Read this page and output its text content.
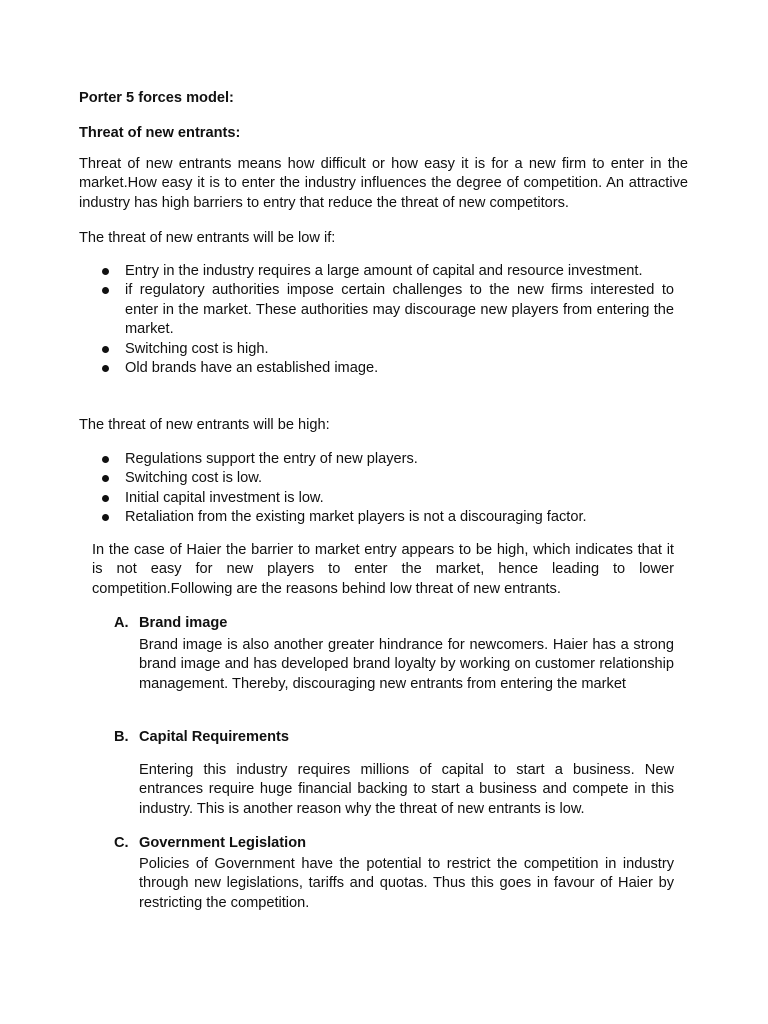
Porter 5 forces model:
Threat of new entrants:

Threat of new entrants means how difficult or how easy it is for a new firm to enter in the market.How easy it is to enter the industry influences the degree of competition. An attractive industry has high barriers to entry that reduce the threat of new competitors.

The threat of new entrants will be low if:
Entry in the industry requires a large amount of capital and resource investment.
if regulatory authorities impose certain challenges to the new firms interested to enter in the market. These authorities may discourage new players from entering the market.
Switching cost is high.
Old brands have an established image.
The threat of new entrants will be high:
Regulations support the entry of new players.
Switching cost is low.
Initial capital investment is low.
Retaliation from the existing market players is not a discouraging factor.

In the case of Haier the barrier to market entry appears to be high, which indicates that it is not easy for new players to enter the market, hence leading to lower competition.Following are the reasons behind low threat of new entrants.

A. Brand image

Brand image is also another greater hindrance for newcomers. Haier has a strong brand image and has developed brand loyalty by working on customer relationship management. Thereby, discouraging new entrants from entering the market

B. Capital Requirements

Entering this industry requires millions of capital to start a business. New entrances require huge financial backing to start a business and compete in this industry. This is another reason why the threat of new entrants is low.

C. Government Legislation

Policies of Government have the potential to restrict the competition in industry through new legislations, tariffs and quotas. Thus this goes in favour of Haier by restricting the competition.
